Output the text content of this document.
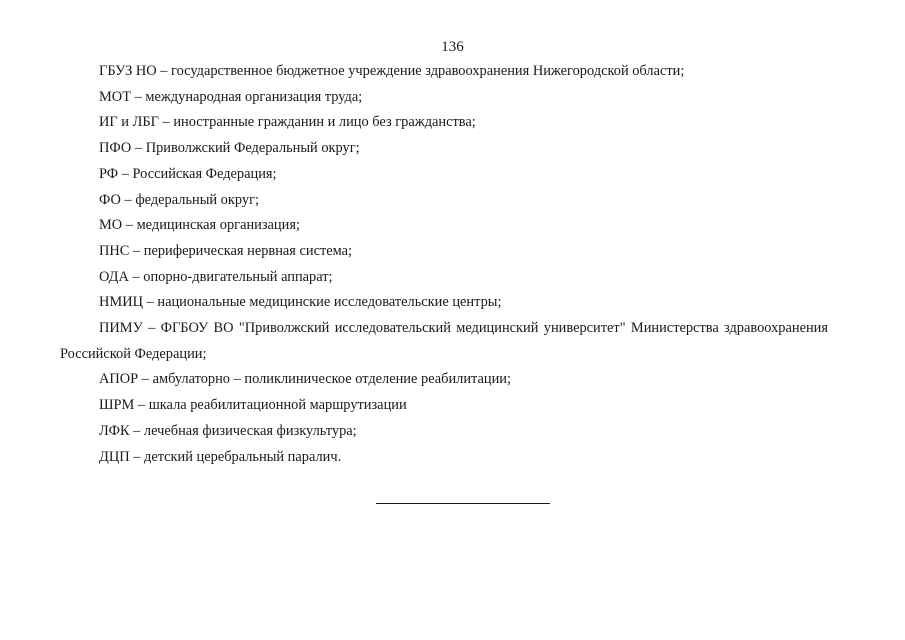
136

ГБУЗ НО – государственное бюджетное учреждение здравоохранения Нижегородской области;

МОТ – международная организация труда;

ИГ и ЛБГ – иностранные гражданин и лицо без гражданства;

ПФО – Приволжский Федеральный округ;

РФ – Российская Федерация;

ФО – федеральный округ;

МО – медицинская организация;

ПНС – периферическая нервная система;

ОДА – опорно-двигательный аппарат;

НМИЦ – национальные медицинские исследовательские центры;

ПИМУ – ФГБОУ ВО "Приволжский исследовательский медицинский университет" Министерства здравоохранения Российской Федерации;

АПОР – амбулаторно – поликлиническое отделение реабилитации;

ШРМ – шкала реабилитационной маршрутизации

ЛФК – лечебная физическая физкультура;

ДЦП – детский церебральный паралич.
